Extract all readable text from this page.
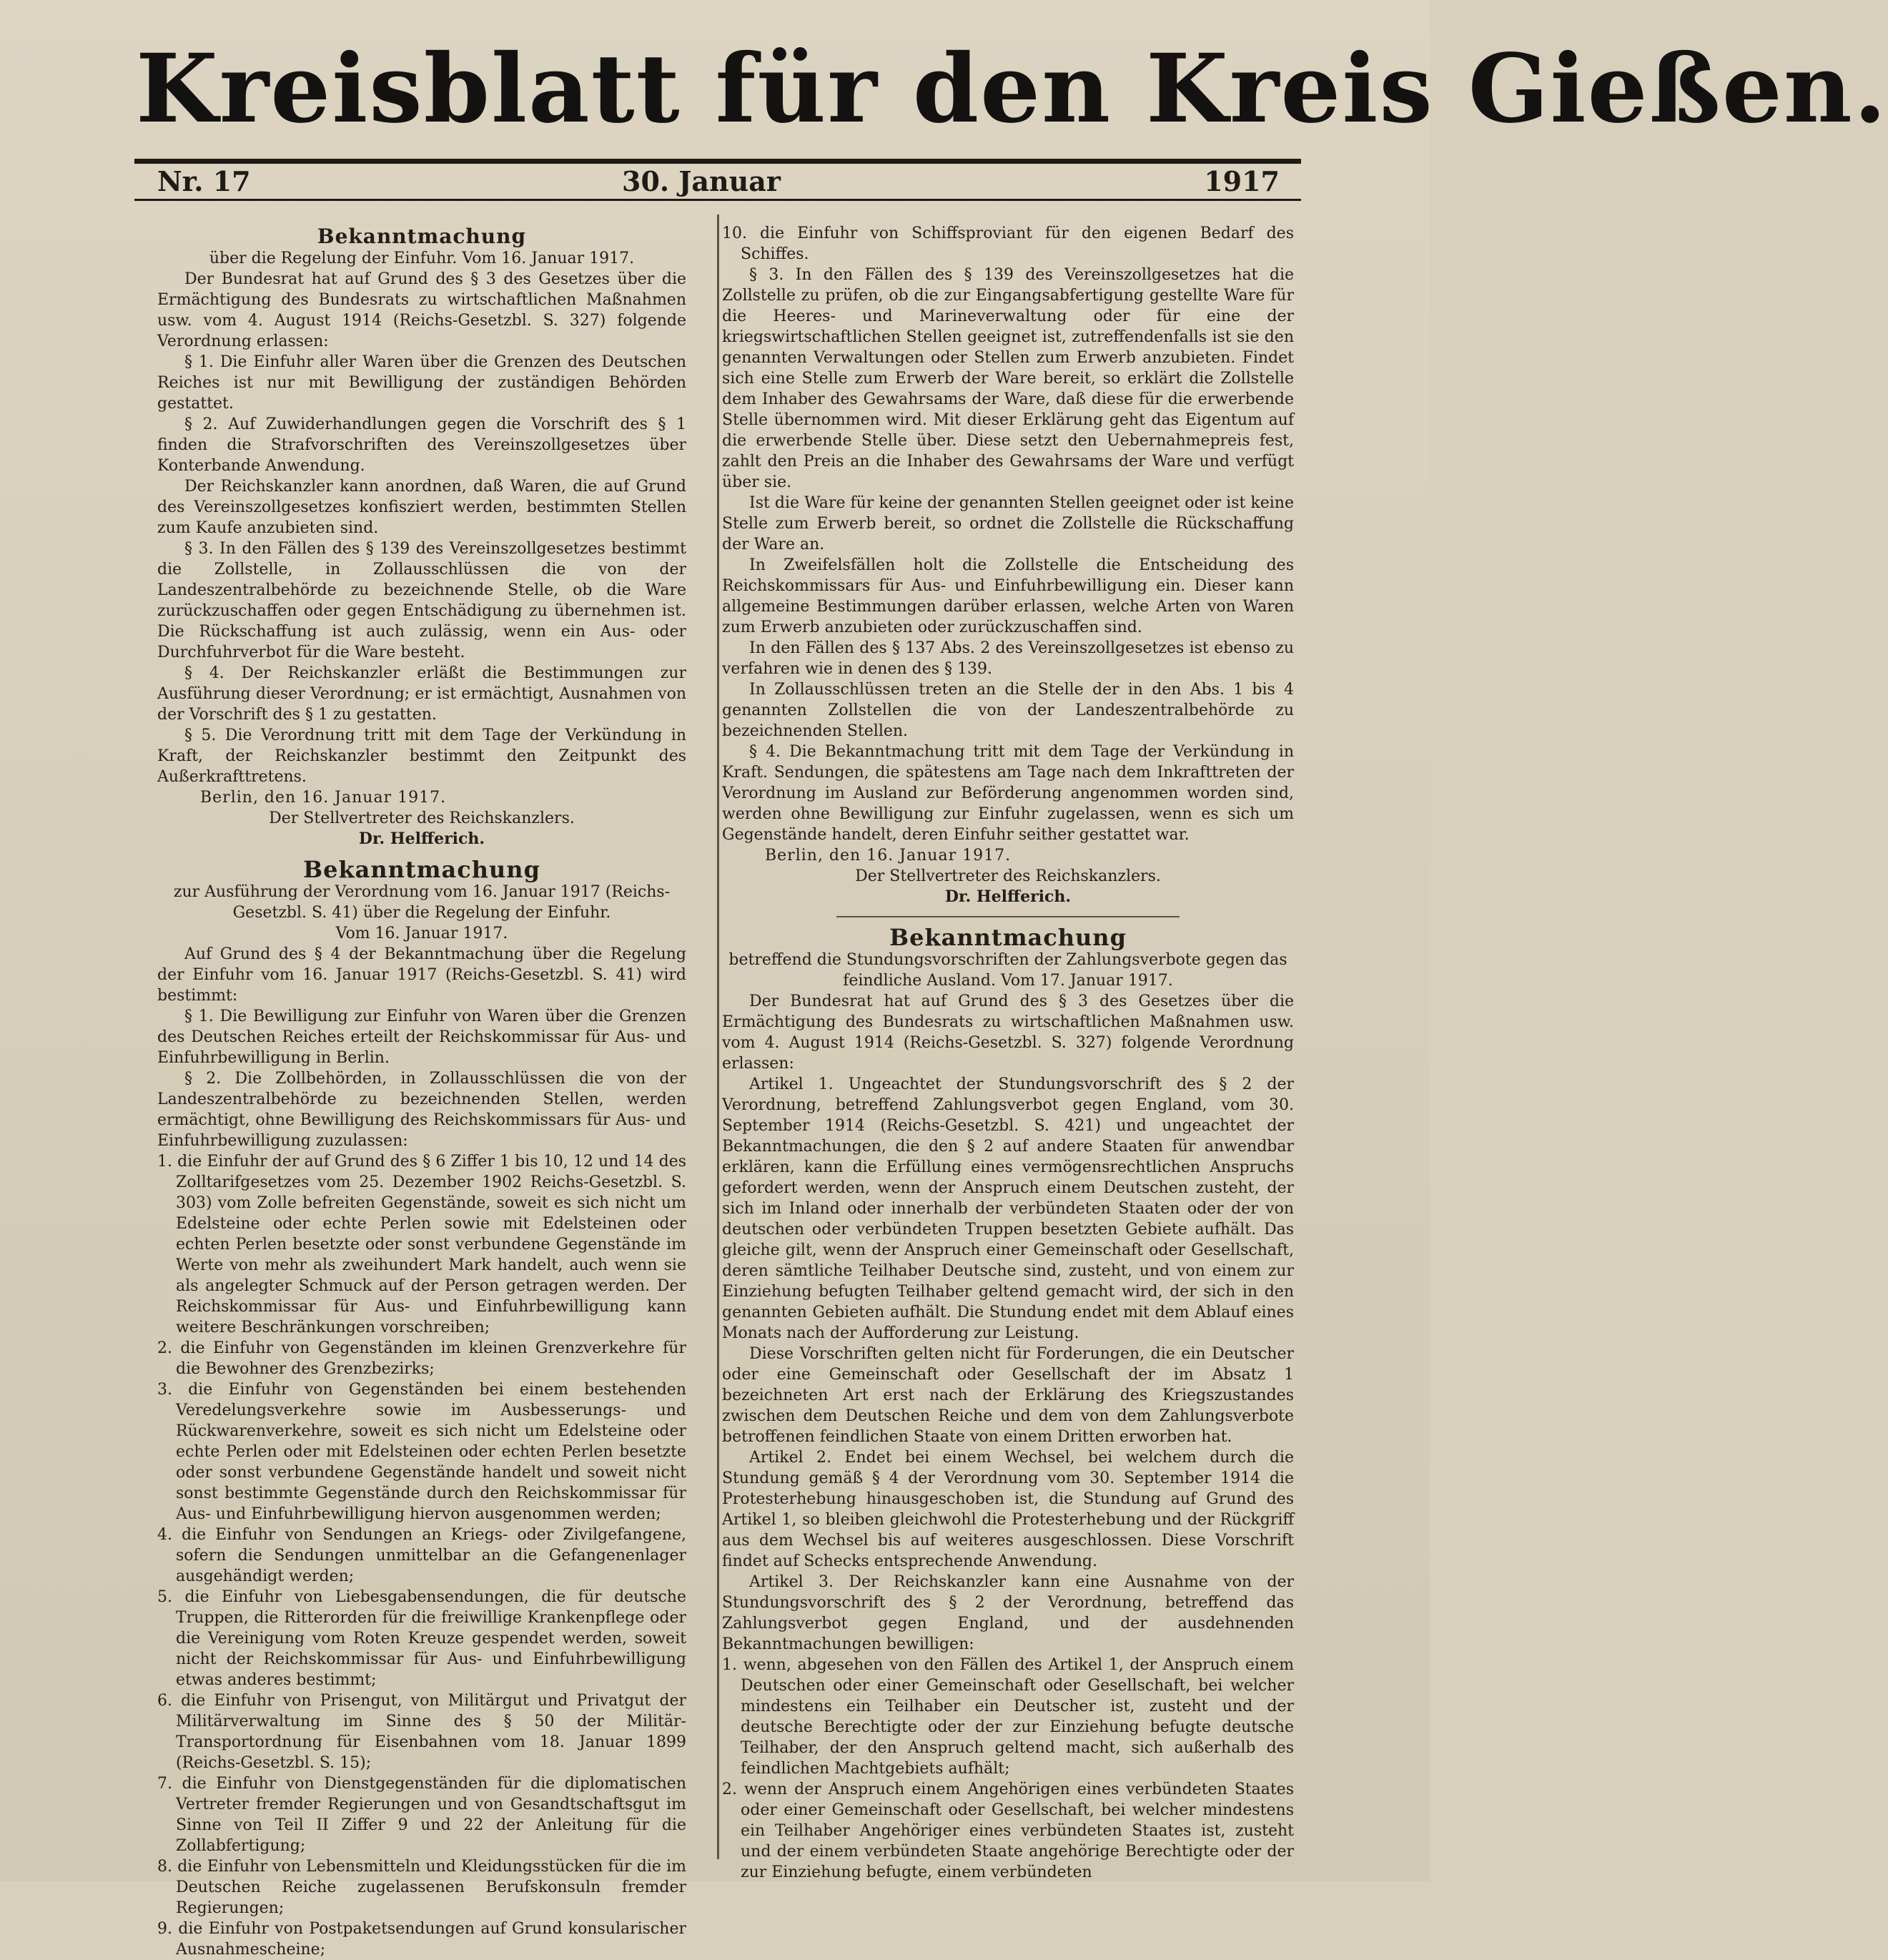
Kreisblatt für den Kreis Gießen.
Nr. 17	30. Januar	1917
Bekanntmachung

über die Regelung der Einfuhr. Vom 16. Januar 1917.

Der Bundesrat hat auf Grund des § 3 des Gesetzes über die Ermächtigung des Bundesrats zu wirtschaftlichen Maßnahmen usw. vom 4. August 1914 (Reichs-Gesetzbl. S. 327) folgende Verordnung erlassen:

§ 1. Die Einfuhr aller Waren über die Grenzen des Deutschen Reiches ist nur mit Bewilligung der zuständigen Behörden gestattet.

§ 2. Auf Zuwiderhandlungen gegen die Vorschrift des § 1 finden die Strafvorschriften des Vereinszollgesetzes über Konterbande Anwendung.

Der Reichskanzler kann anordnen, daß Waren, die auf Grund des Vereinszollgesetzes konfisziert werden, bestimmten Stellen zum Kaufe anzubieten sind.

§ 3. In den Fällen des § 139 des Vereinszollgesetzes bestimmt die Zollstelle, in Zollausschlüssen die von der Landeszentralbehörde zu bezeichnende Stelle, ob die Ware zurückzuschaffen oder gegen Entschädigung zu übernehmen ist. Die Rückschaffung ist auch zulässig, wenn ein Aus- oder Durchfuhrverbot für die Ware besteht.

§ 4. Der Reichskanzler erläßt die Bestimmungen zur Ausführung dieser Verordnung; er ist ermächtigt, Ausnahmen von der Vorschrift des § 1 zu gestatten.

§ 5. Die Verordnung tritt mit dem Tage der Verkündung in Kraft, der Reichskanzler bestimmt den Zeitpunkt des Außerkrafttretens.

Berlin, den 16. Januar 1917.

Der Stellvertreter des Reichskanzlers.

Dr. Helfferich.

Bekanntmachung

zur Ausführung der Verordnung vom 16. Januar 1917 (Reichs-Gesetzbl. S. 41) über die Regelung der Einfuhr.

Vom 16. Januar 1917.

Auf Grund des § 4 der Bekanntmachung über die Regelung der Einfuhr vom 16. Januar 1917 (Reichs-Gesetzbl. S. 41) wird bestimmt:

§ 1. Die Bewilligung zur Einfuhr von Waren über die Grenzen des Deutschen Reiches erteilt der Reichskommissar für Aus- und Einfuhrbewilligung in Berlin.

§ 2. Die Zollbehörden, in Zollausschlüssen die von der Landeszentralbehörde zu bezeichnenden Stellen, werden ermächtigt, ohne Bewilligung des Reichskommissars für Aus- und Einfuhrbewilligung zuzulassen:

1. die Einfuhr der auf Grund des § 6 Ziffer 1 bis 10, 12 und 14 des Zolltarifgesetzes vom 25. Dezember 1902 Reichs-Gesetzbl. S. 303) vom Zolle befreiten Gegenstände, soweit es sich nicht um Edelsteine oder echte Perlen sowie mit Edelsteinen oder echten Perlen besetzte oder sonst verbundene Gegenstände im Werte von mehr als zweihundert Mark handelt, auch wenn sie als angelegter Schmuck auf der Person getragen werden. Der Reichskommissar für Aus- und Einfuhrbewilligung kann weitere Beschränkungen vorschreiben;

2. die Einfuhr von Gegenständen im kleinen Grenzverkehre für die Bewohner des Grenzbezirks;

3. die Einfuhr von Gegenständen bei einem bestehenden Veredelungsverkehre sowie im Ausbesserungs- und Rückwarenverkehre, soweit es sich nicht um Edelsteine oder echte Perlen oder mit Edelsteinen oder echten Perlen besetzte oder sonst verbundene Gegenstände handelt und soweit nicht sonst bestimmte Gegenstände durch den Reichskommissar für Aus- und Einfuhrbewilligung hiervon ausgenommen werden;

4. die Einfuhr von Sendungen an Kriegs- oder Zivilgefangene, sofern die Sendungen unmittelbar an die Gefangenenlager ausgehändigt werden;

5. die Einfuhr von Liebesgabensendungen, die für deutsche Truppen, die Ritterorden für die freiwillige Krankenpflege oder die Vereinigung vom Roten Kreuze gespendet werden, soweit nicht der Reichskommissar für Aus- und Einfuhrbewilligung etwas anderes bestimmt;

6. die Einfuhr von Prisengut, von Militärgut und Privatgut der Militärverwaltung im Sinne des § 50 der Militär-Transportordnung für Eisenbahnen vom 18. Januar 1899 (Reichs-Gesetzbl. S. 15);

7. die Einfuhr von Dienstgegenständen für die diplomatischen Vertreter fremder Regierungen und von Gesandtschaftsgut im Sinne von Teil II Ziffer 9 und 22 der Anleitung für die Zollabfertigung;

8. die Einfuhr von Lebensmitteln und Kleidungsstücken für die im Deutschen Reiche zugelassenen Berufskonsuln fremder Regierungen;

9. die Einfuhr von Postpaketsendungen auf Grund konsularischer Ausnahmescheine;

10. die Einfuhr von Schiffsproviant für den eigenen Bedarf des Schiffes.

§ 3. In den Fällen des § 139 des Vereinszollgesetzes hat die Zollstelle zu prüfen, ob die zur Eingangsabfertigung gestellte Ware für die Heeres- und Marineverwaltung oder für eine der kriegswirtschaftlichen Stellen geeignet ist, zutreffendenfalls ist sie den genannten Verwaltungen oder Stellen zum Erwerb anzubieten. Findet sich eine Stelle zum Erwerb der Ware bereit, so erklärt die Zollstelle dem Inhaber des Gewahrsams der Ware, daß diese für die erwerbende Stelle übernommen wird. Mit dieser Erklärung geht das Eigentum auf die erwerbende Stelle über. Diese setzt den Uebernahmepreis fest, zahlt den Preis an die Inhaber des Gewahrsams der Ware und verfügt über sie.

Ist die Ware für keine der genannten Stellen geeignet oder ist keine Stelle zum Erwerb bereit, so ordnet die Zollstelle die Rückschaffung der Ware an.

In Zweifelsfällen holt die Zollstelle die Entscheidung des Reichskommissars für Aus- und Einfuhrbewilligung ein. Dieser kann allgemeine Bestimmungen darüber erlassen, welche Arten von Waren zum Erwerb anzubieten oder zurückzuschaffen sind.

In den Fällen des § 137 Abs. 2 des Vereinszollgesetzes ist ebenso zu verfahren wie in denen des § 139.

In Zollausschlüssen treten an die Stelle der in den Abs. 1 bis 4 genannten Zollstellen die von der Landeszentralbehörde zu bezeichnenden Stellen.

§ 4. Die Bekanntmachung tritt mit dem Tage der Verkündung in Kraft. Sendungen, die spätestens am Tage nach dem Inkrafttreten der Verordnung im Ausland zur Beförderung angenommen worden sind, werden ohne Bewilligung zur Einfuhr zugelassen, wenn es sich um Gegenstände handelt, deren Einfuhr seither gestattet war.

Berlin, den 16. Januar 1917.

Der Stellvertreter des Reichskanzlers.

Dr. Helfferich.

Bekanntmachung

betreffend die Stundungsvorschriften der Zahlungsverbote gegen das feindliche Ausland. Vom 17. Januar 1917.

Der Bundesrat hat auf Grund des § 3 des Gesetzes über die Ermächtigung des Bundesrats zu wirtschaftlichen Maßnahmen usw. vom 4. August 1914 (Reichs-Gesetzbl. S. 327) folgende Verordnung erlassen:

Artikel 1. Ungeachtet der Stundungsvorschrift des § 2 der Verordnung, betreffend Zahlungsverbot gegen England, vom 30. September 1914 (Reichs-Gesetzbl. S. 421) und ungeachtet der Bekanntmachungen, die den § 2 auf andere Staaten für anwendbar erklären, kann die Erfüllung eines vermögensrechtlichen Anspruchs gefordert werden, wenn der Anspruch einem Deutschen zusteht, der sich im Inland oder innerhalb der verbündeten Staaten oder der von deutschen oder verbündeten Truppen besetzten Gebiete aufhält. Das gleiche gilt, wenn der Anspruch einer Gemeinschaft oder Gesellschaft, deren sämtliche Teilhaber Deutsche sind, zusteht, und von einem zur Einziehung befugten Teilhaber geltend gemacht wird, der sich in den genannten Gebieten aufhält. Die Stundung endet mit dem Ablauf eines Monats nach der Aufforderung zur Leistung.

Diese Vorschriften gelten nicht für Forderungen, die ein Deutscher oder eine Gemeinschaft oder Gesellschaft der im Absatz 1 bezeichneten Art erst nach der Erklärung des Kriegszustandes zwischen dem Deutschen Reiche und dem von dem Zahlungsverbote betroffenen feindlichen Staate von einem Dritten erworben hat.

Artikel 2. Endet bei einem Wechsel, bei welchem durch die Stundung gemäß § 4 der Verordnung vom 30. September 1914 die Protesterhebung hinausgeschoben ist, die Stundung auf Grund des Artikel 1, so bleiben gleichwohl die Protesterhebung und der Rückgriff aus dem Wechsel bis auf weiteres ausgeschlossen. Diese Vorschrift findet auf Schecks entsprechende Anwendung.

Artikel 3. Der Reichskanzler kann eine Ausnahme von der Stundungsvorschrift des § 2 der Verordnung, betreffend das Zahlungsverbot gegen England, und der ausdehnenden Bekanntmachungen bewilligen:

1. wenn, abgesehen von den Fällen des Artikel 1, der Anspruch einem Deutschen oder einer Gemeinschaft oder Gesellschaft, bei welcher mindestens ein Teilhaber ein Deutscher ist, zusteht und der deutsche Berechtigte oder der zur Einziehung befugte deutsche Teilhaber, der den Anspruch geltend macht, sich außerhalb des feindlichen Machtgebiets aufhält;

2. wenn der Anspruch einem Angehörigen eines verbündeten Staates oder einer Gemeinschaft oder Gesellschaft, bei welcher mindestens ein Teilhaber Angehöriger eines verbündeten Staates ist, zusteht und der einem verbündeten Staate angehörige Berechtigte oder der zur Einziehung befugte, einem verbündeten
